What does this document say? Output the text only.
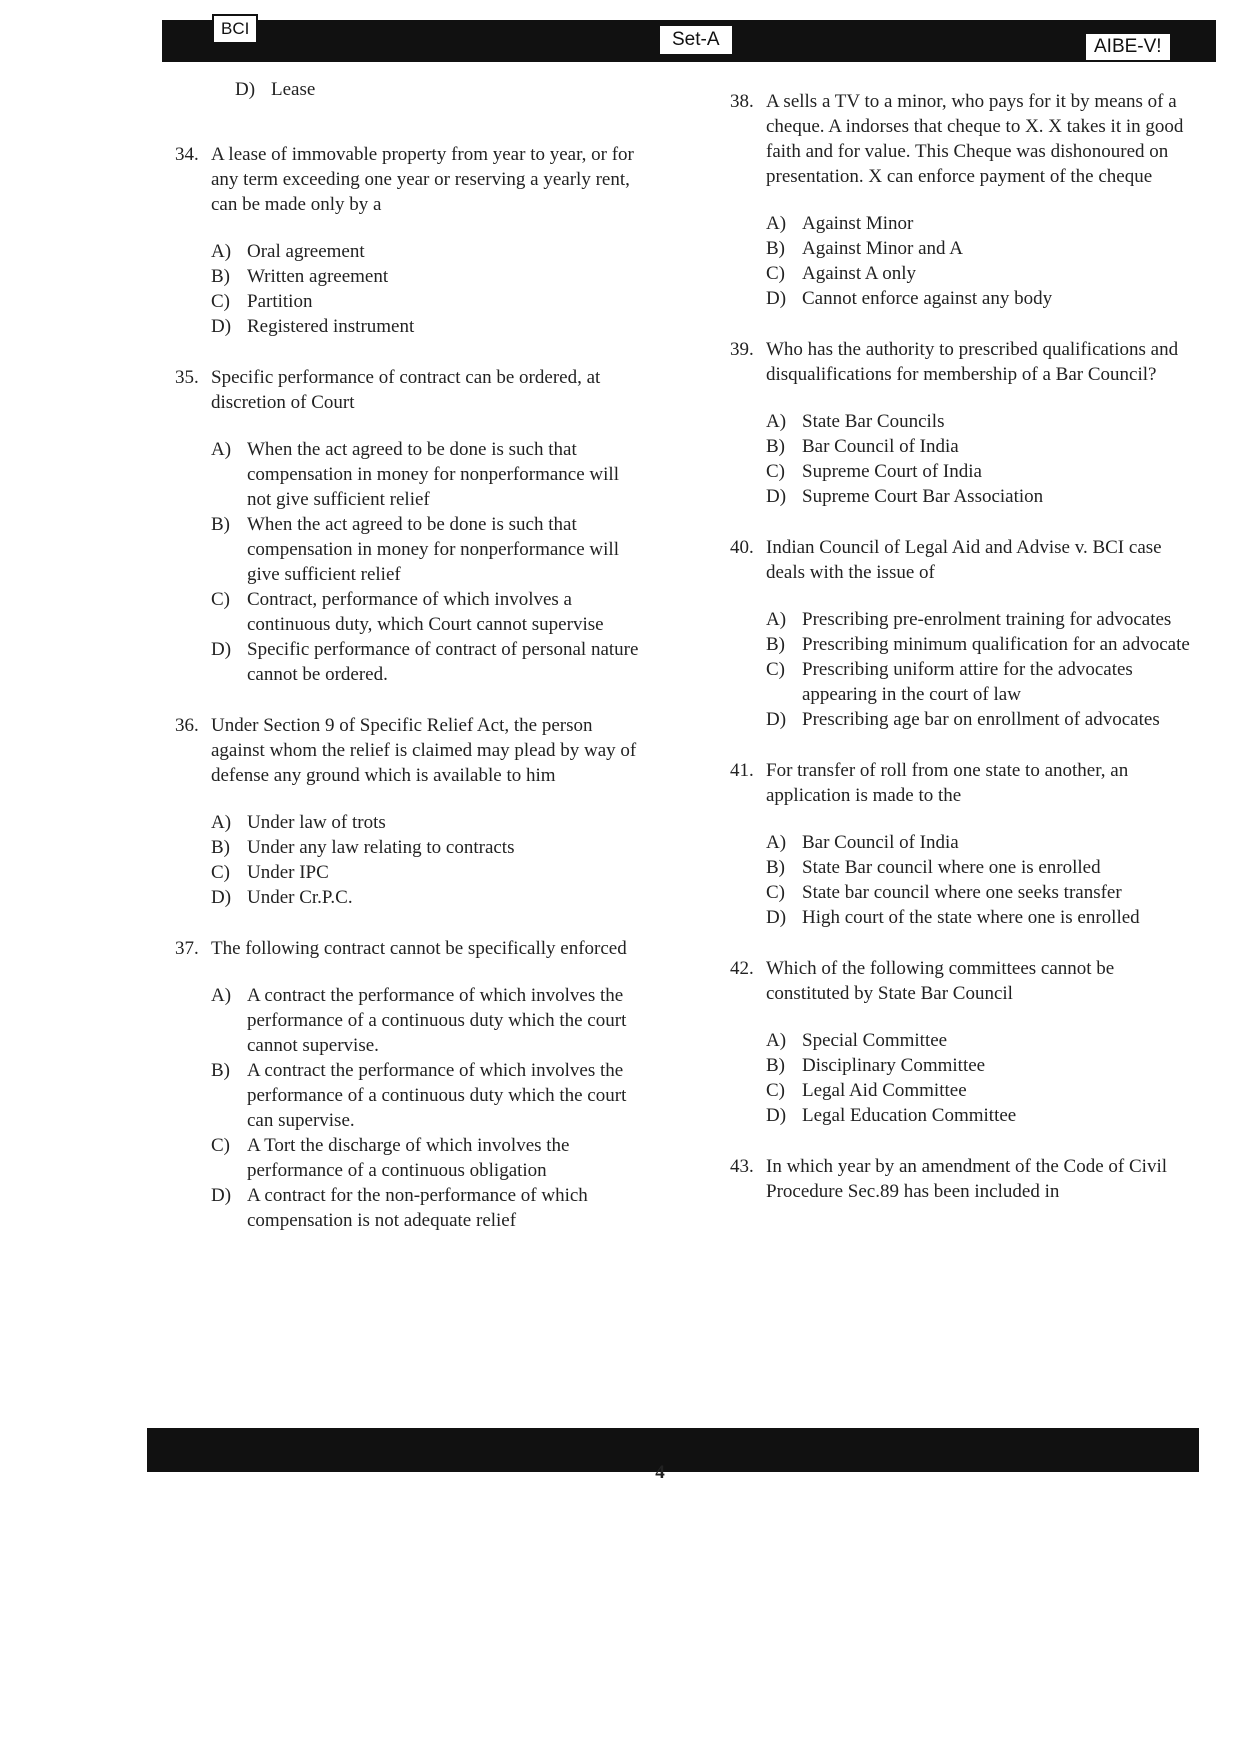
BCI
Set-A	AIBE-V!
D) Lease
34. A lease of immovable property from year to year, or for any term exceeding one year or reserving a yearly rent, can be made only by a
A) Oral agreement
B) Written agreement
C) Partition
D) Registered instrument
35. Specific performance of contract can be ordered, at discretion of Court
A) When the act agreed to be done is such that compensation in money for nonperformance will not give sufficient relief
B) When the act agreed to be done is such that compensation in money for nonperformance will give sufficient relief
C) Contract, performance of which involves a continuous duty, which Court cannot supervise
D) Specific performance of contract of personal nature cannot be ordered.
36. Under Section 9 of Specific Relief Act, the person against whom the relief is claimed may plead by way of defense any ground which is available to him
A) Under law of trots
B) Under any law relating to contracts
C) Under IPC
D) Under Cr.P.C.
37. The following contract cannot be specifically enforced
A) A contract the performance of which involves the performance of a continuous duty which the court cannot supervise.
B) A contract the performance of which involves the performance of a continuous duty which the court can supervise.
C) A Tort the discharge of which involves the performance of a continuous obligation
D) A contract for the non-performance of which compensation is not adequate relief
38. A sells a TV to a minor, who pays for it by means of a cheque. A indorses that cheque to X. X takes it in good faith and for value. This Cheque was dishonoured on presentation. X can enforce payment of the cheque
A) Against Minor
B) Against Minor and A
C) Against A only
D) Cannot enforce against any body
39. Who has the authority to prescribed qualifications and disqualifications for membership of a Bar Council?
A) State Bar Councils
B) Bar Council of India
C) Supreme Court of India
D) Supreme Court Bar Association
40. Indian Council of Legal Aid and Advise v. BCI case deals with the issue of
A) Prescribing pre-enrolment training for advocates
B) Prescribing minimum qualification for an advocate
C) Prescribing uniform attire for the advocates appearing in the court of law
D) Prescribing age bar on enrollment of advocates
41. For transfer of roll from one state to another, an application is made to the
A) Bar Council of India
B) State Bar council where one is enrolled
C) State bar council where one seeks transfer
D) High court of the state where one is enrolled
42. Which of the following committees cannot be constituted by State Bar Council
A) Special Committee
B) Disciplinary Committee
C) Legal Aid Committee
D) Legal Education Committee
43. In which year by an amendment of the Code of Civil Procedure Sec.89 has been included in
4
